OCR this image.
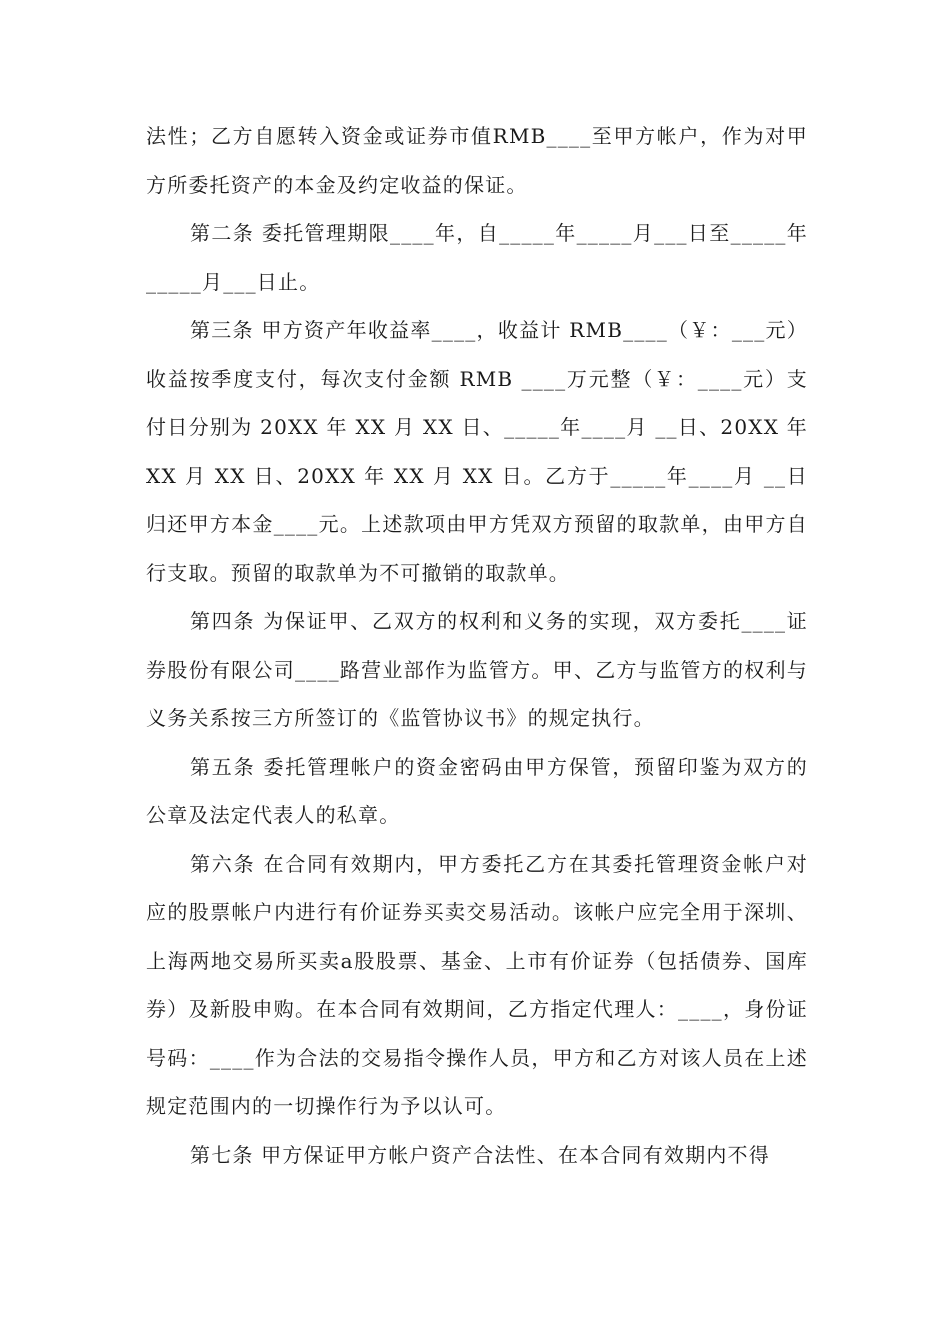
法性；乙方自愿转入资金或证券市值RMB____至甲方帐户，作为对甲方所委托资产的本金及约定收益的保证。

第二条 委托管理期限____年，自_____年_____月___日至_____年_____月___日止。

第三条 甲方资产年收益率____，收益计 RMB____（￥：___元）收益按季度支付，每次支付金额 RMB ____万元整（￥：____元）支付日分别为 20XX 年 XX 月 XX 日、_____年____月 __日、20XX 年 XX 月 XX 日、20XX 年 XX 月 XX 日。乙方于_____年____月 __日归还甲方本金____元。上述款项由甲方凭双方预留的取款单，由甲方自行支取。预留的取款单为不可撤销的取款单。

第四条 为保证甲、乙双方的权利和义务的实现，双方委托____证券股份有限公司____路营业部作为监管方。甲、乙方与监管方的权利与义务关系按三方所签订的《监管协议书》的规定执行。

第五条 委托管理帐户的资金密码由甲方保管，预留印鉴为双方的公章及法定代表人的私章。

第六条 在合同有效期内，甲方委托乙方在其委托管理资金帐户对应的股票帐户内进行有价证券买卖交易活动。该帐户应完全用于深圳、上海两地交易所买卖a股股票、基金、上市有价证券（包括债券、国库券）及新股申购。在本合同有效期间，乙方指定代理人：____，身份证号码：____作为合法的交易指令操作人员，甲方和乙方对该人员在上述规定范围内的一切操作行为予以认可。

第七条 甲方保证甲方帐户资产合法性、在本合同有效期内不得
